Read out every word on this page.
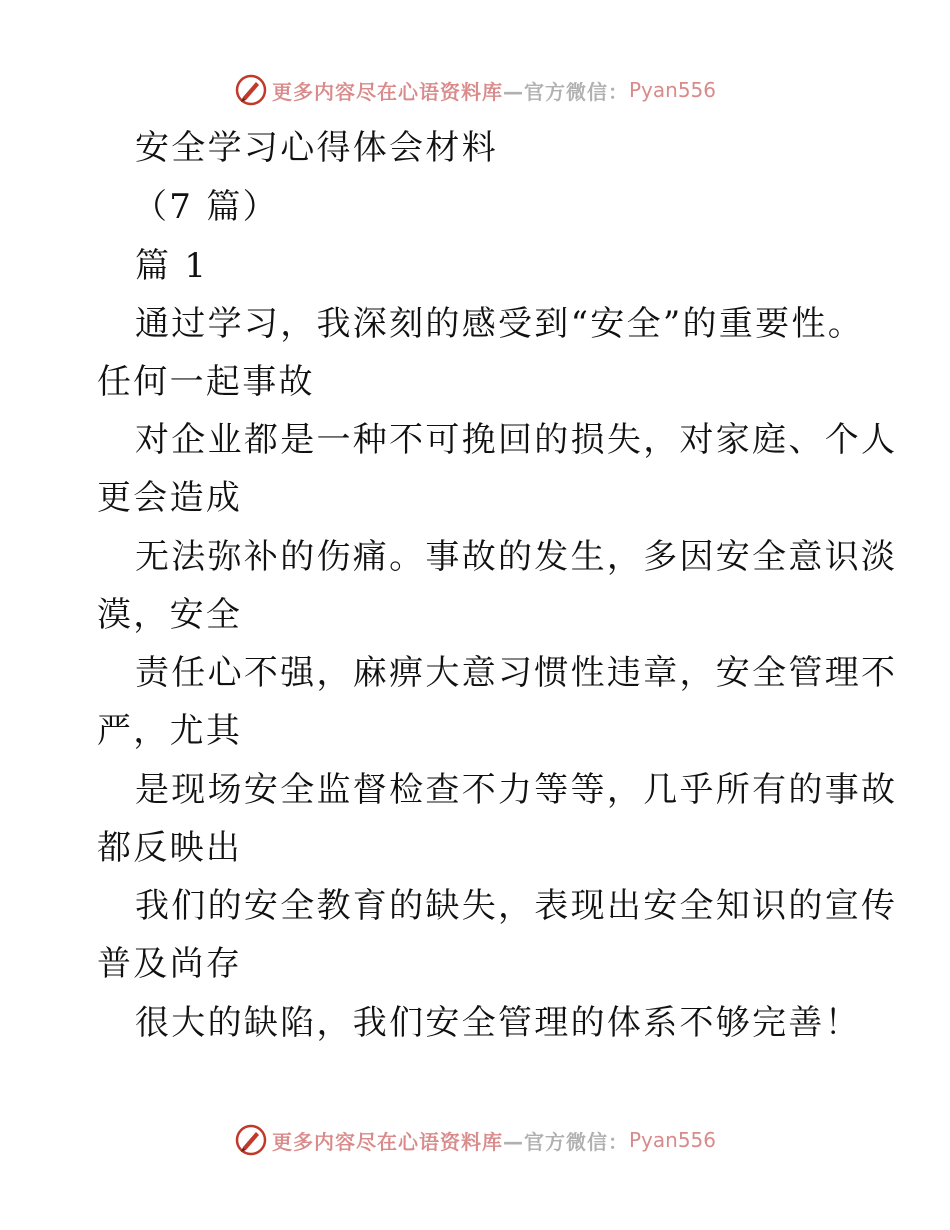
更多内容尽在心语资料库 —官方微信： Pyan556
安全学习心得体会材料
（7 篇）
篇 1
通过学习，我深刻的感受到“安全”的重要性。
任何一起事故
对企业都是一种不可挽回的损失，对家庭、个人
更会造成
无法弥补的伤痛。事故的发生，多因安全意识淡
漠，安全
责任心不强，麻痹大意习惯性违章，安全管理不
严，尤其
是现场安全监督检查不力等等，几乎所有的事故
都反映出
我们的安全教育的缺失，表现出安全知识的宣传
普及尚存
很大的缺陷，我们安全管理的体系不够完善！
更多内容尽在心语资料库 —官方微信： Pyan556
